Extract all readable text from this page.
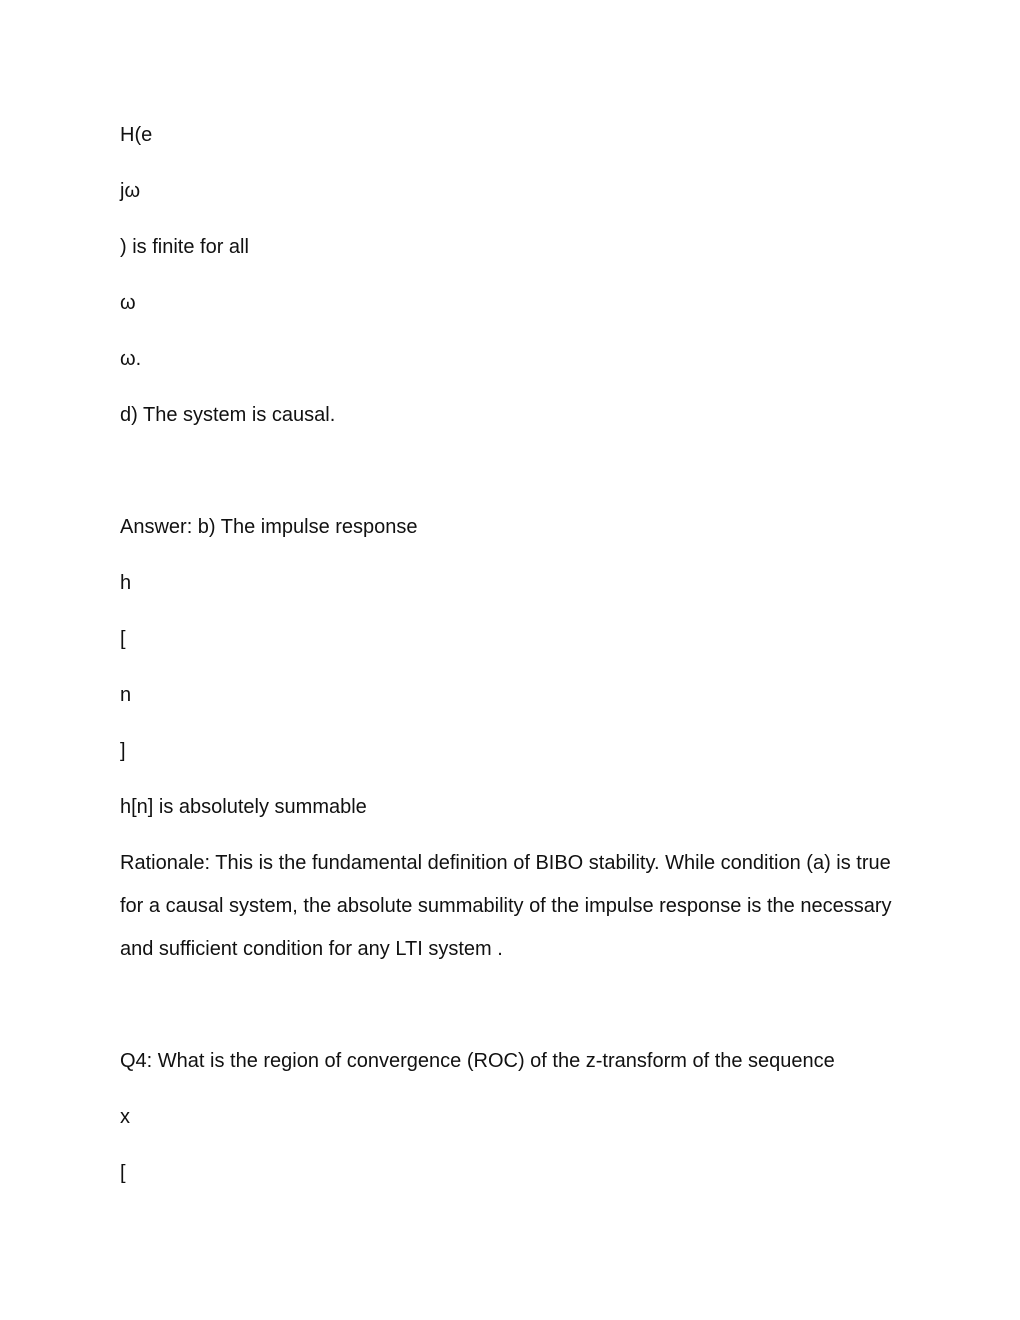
H(e

jω

) is finite for all

ω

ω.

d) The system is causal.

Answer: b) The impulse response

h

[

n

]

h[n] is absolutely summable

Rationale: This is the fundamental definition of BIBO stability. While condition (a) is true for a causal system, the absolute summability of the impulse response is the necessary and sufficient condition for any LTI system .

Q4: What is the region of convergence (ROC) of the z-transform of the sequence

x

[
